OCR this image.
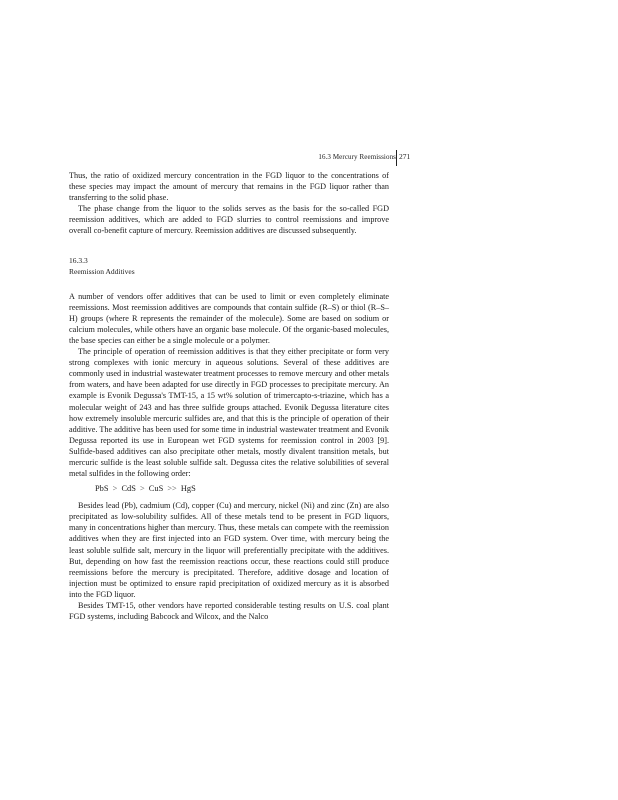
16.3 Mercury Reemissions 271

Thus, the ratio of oxidized mercury concentration in the FGD liquor to the concentrations of these species may impact the amount of mercury that remains in the FGD liquor rather than transferring to the solid phase.

The phase change from the liquor to the solids serves as the basis for the so-called FGD reemission additives, which are added to FGD slurries to control reemissions and improve overall co-benefit capture of mercury. Reemission additives are discussed subsequently.

16.3.3
Reemission Additives

A number of vendors offer additives that can be used to limit or even completely eliminate reemissions. Most reemission additives are compounds that contain sulfide (R–S) or thiol (R–S–H) groups (where R represents the remainder of the molecule). Some are based on sodium or calcium molecules, while others have an organic base molecule. Of the organic-based molecules, the base species can either be a single molecule or a polymer.

The principle of operation of reemission additives is that they either precipitate or form very strong complexes with ionic mercury in aqueous solutions. Several of these additives are commonly used in industrial wastewater treatment processes to remove mercury and other metals from waters, and have been adapted for use directly in FGD processes to precipitate mercury. An example is Evonik Degussa's TMT-15, a 15 wt% solution of trimercapto-s-triazine, which has a molecular weight of 243 and has three sulfide groups attached. Evonik Degussa literature cites how extremely insoluble mercuric sulfides are, and that this is the principle of operation of their additive. The additive has been used for some time in industrial wastewater treatment and Evonik Degussa reported its use in European wet FGD systems for reemission control in 2003 [9]. Sulfide-based additives can also precipitate other metals, mostly divalent transition metals, but mercuric sulfide is the least soluble sulfide salt. Degussa cites the relative solubilities of several metal sulfides in the following order:

PbS > CdS > CuS >> HgS

Besides lead (Pb), cadmium (Cd), copper (Cu) and mercury, nickel (Ni) and zinc (Zn) are also precipitated as low-solubility sulfides. All of these metals tend to be present in FGD liquors, many in concentrations higher than mercury. Thus, these metals can compete with the reemission additives when they are first injected into an FGD system. Over time, with mercury being the least soluble sulfide salt, mercury in the liquor will preferentially precipitate with the additives. But, depending on how fast the reemission reactions occur, these reactions could still produce reemissions before the mercury is precipitated. Therefore, additive dosage and location of injection must be optimized to ensure rapid precipitation of oxidized mercury as it is absorbed into the FGD liquor.

Besides TMT-15, other vendors have reported considerable testing results on U.S. coal plant FGD systems, including Babcock and Wilcox, and the Nalco
